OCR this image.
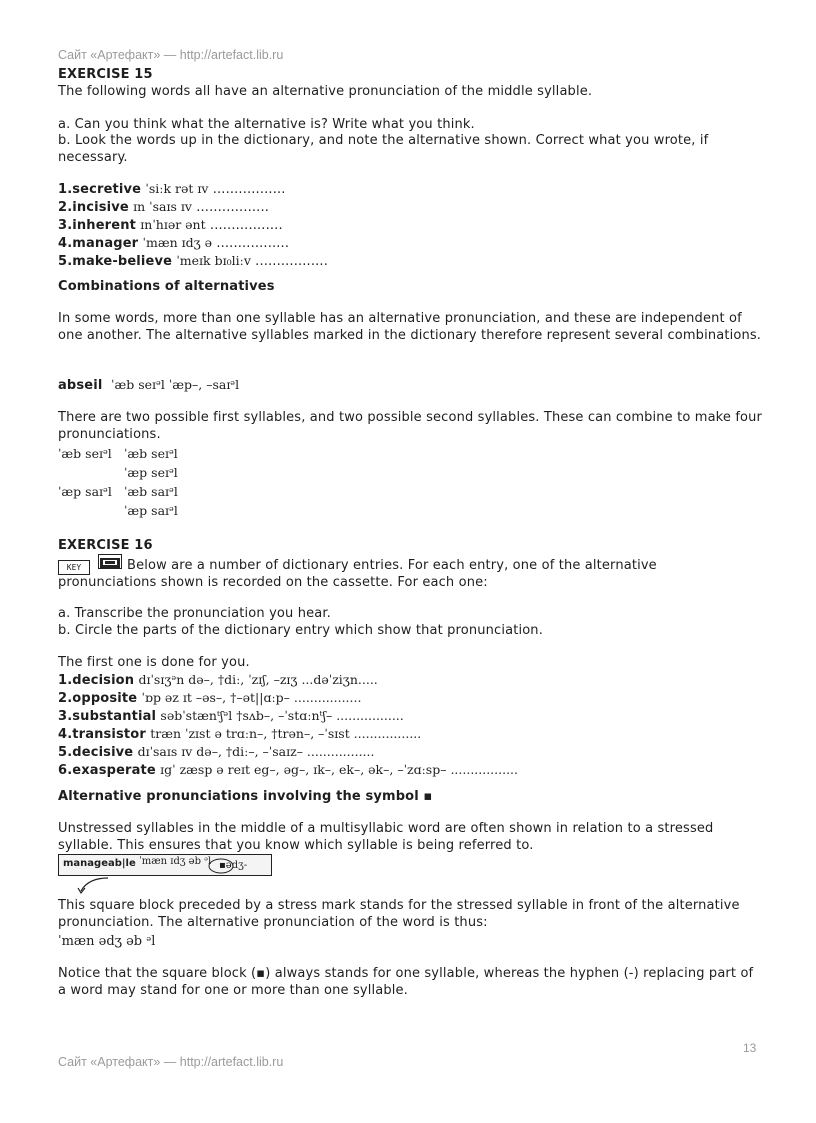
Сайт «Артефакт» — http://artefact.lib.ru
EXERCISE 15
The following words all have an alternative pronunciation of the middle syllable.
a. Can you think what the alternative is? Write what you think.
b. Look the words up in the dictionary, and note the alternative shown. Correct what you wrote, if necessary.
1.secretive ˈsiːk rət ɪv .................
2.incisive ɪn ˈsaɪs ɪv .................
3.inherent ɪnˈhɪər ənt .................
4.manager ˈmæn ɪdʒ ə .................
5.make-believe ˈmeɪk bɪ₀liːv .................
Combinations of alternatives
In some words, more than one syllable has an alternative pronunciation, and these are independent of one another. The alternative syllables marked in the dictionary therefore represent several combinations.
abseil ˈæb seɪᵊl ˈæp–, –saɪᵊl
There are two possible first syllables, and two possible second syllables. These can combine to make four pronunciations.
ˈæb seɪᵊl ˈæb seɪᵊl
ˈæp seɪᵊl
ˈæp saɪᵊl ˈæb saɪᵊl
ˈæp saɪᵊl
EXERCISE 16
KEY	Below are a number of dictionary entries. For each entry, one of the alternative pronunciations shown is recorded on the cassette. For each one:
a. Transcribe the pronunciation you hear.
b. Circle the parts of the dictionary entry which show that pronunciation.
The first one is done for you.
1.decision dɪˈsɪʒᵊn də–, †diː, ˈzɪʃ, –zɪʒ ...dəˈziʒn.....
2.opposite ˈɒp əz ɪt –əs–, †–ət||ɑːp– .................
3.substantial səbˈstænᵗʃᵊl †sʌb–, –ˈstɑːnᵗʃ– .................
4.transistor træn ˈzɪst ə trɑːn–, †trən–, –ˈsɪst .................
5.decisive dɪˈsaɪs ɪv də–, †diː–, –ˈsaɪz– .................
6.exasperate ɪgˈ zæsp ə reɪt eg–, əg–, ɪk–, ek–, ək–, –ˈzɑːsp– .................
Alternative pronunciations involving the symbol ▪
Unstressed syllables in the middle of a multisyllabic word are often shown in relation to a stressed syllable. This ensures that you know which syllable is being referred to.
manageab|le ˈmæn ɪdʒ əb ᵊl ▪ədʒ-
This square block preceded by a stress mark stands for the stressed syllable in front of the alternative pronunciation. The alternative pronunciation of the word is thus:
ˈmæn ədʒ əb ᵊl
Notice that the square block (▪) always stands for one syllable, whereas the hyphen (-) replacing part of a word may stand for one or more than one syllable.
13
Сайт «Артефакт» — http://artefact.lib.ru
